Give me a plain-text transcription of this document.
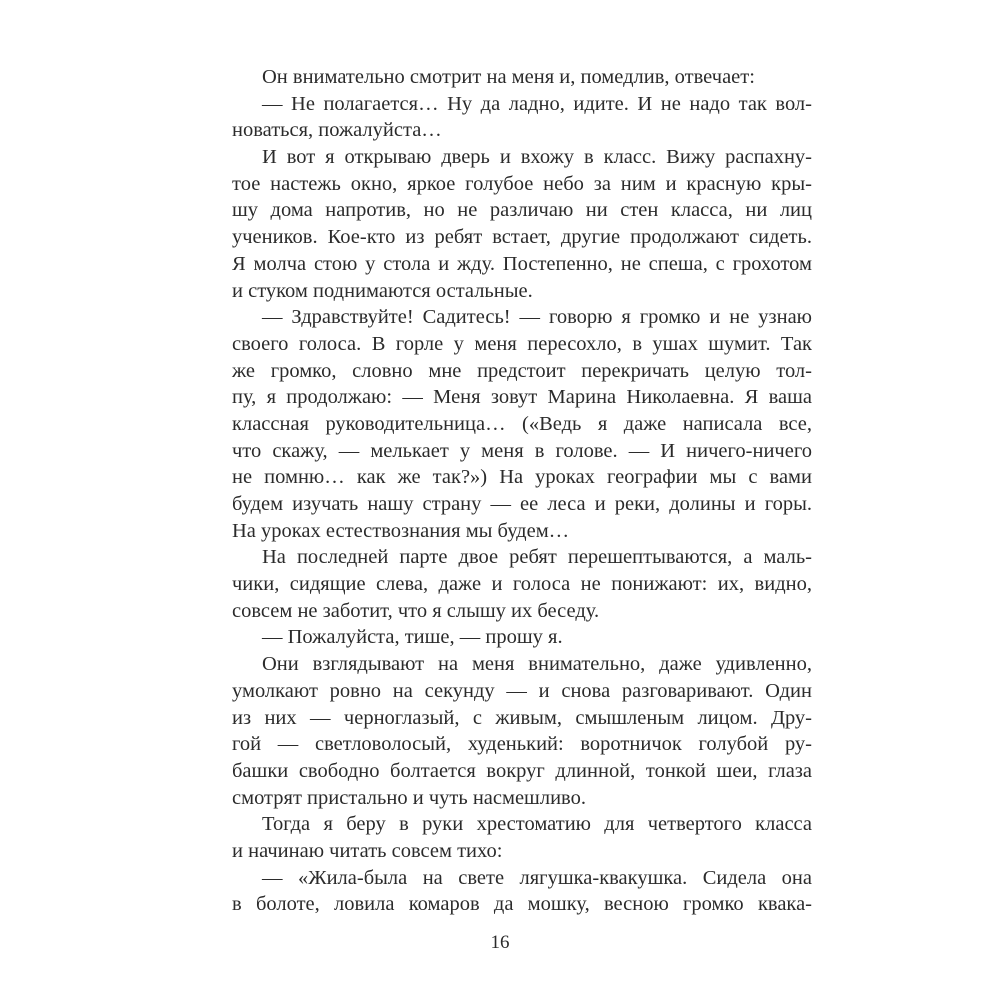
Он внимательно смотрит на меня и, помедлив, отвечает:
— Не полагается… Ну да ладно, идите. И не надо так вол-
новаться, пожалуйста…
И вот я открываю дверь и вхожу в класс. Вижу распахну-
тое настежь окно, яркое голубое небо за ним и красную кры-
шу дома напротив, но не различаю ни стен класса, ни лиц
учеников. Кое-кто из ребят встает, другие продолжают сидеть.
Я молча стою у стола и жду. Постепенно, не спеша, с грохотом
и стуком поднимаются остальные.
— Здравствуйте! Садитесь! — говорю я громко и не узнаю
своего голоса. В горле у меня пересохло, в ушах шумит. Так
же громко, словно мне предстоит перекричать целую тол-
пу, я продолжаю: — Меня зовут Марина Николаевна. Я ваша
классная руководительница… («Ведь я даже написала все,
что скажу, — мелькает у меня в голове. — И ничего-ничего
не помню… как же так?») На уроках географии мы с вами
будем изучать нашу страну — ее леса и реки, долины и горы.
На уроках естествознания мы будем…
На последней парте двое ребят перешептываются, а маль-
чики, сидящие слева, даже и голоса не понижают: их, видно,
совсем не заботит, что я слышу их беседу.
— Пожалуйста, тише, — прошу я.
Они взглядывают на меня внимательно, даже удивленно,
умолкают ровно на секунду — и снова разговаривают. Один
из них — черноглазый, с живым, смышленым лицом. Дру-
гой — светловолосый, худенький: воротничок голубой ру-
башки свободно болтается вокруг длинной, тонкой шеи, глаза
смотрят пристально и чуть насмешливо.
Тогда я беру в руки хрестоматию для четвертого класса
и начинаю читать совсем тихо:
— «Жила-была на свете лягушка-квакушка. Сидела она
в болоте, ловила комаров да мошку, весною громко квака-
16
